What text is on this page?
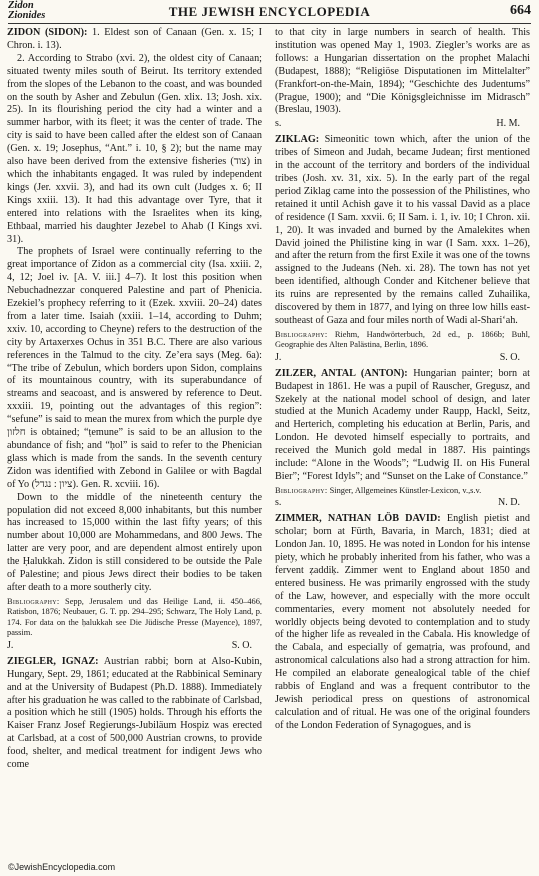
Zidon
Zionides	THE JEWISH ENCYCLOPEDIA	664

ZIDON (SIDON): 1. Eldest son of Canaan (Gen. x. 15; I Chron. i. 13).

2. According to Strabo (xvi. 2), the oldest city of Canaan; situated twenty miles south of Beirut. Its territory extended from the slopes of the Lebanon to the coast, and was bounded on the south by Asher and Zebulun (Gen. xlix. 13; Josh. xix. 25). In its flourishing period the city had a winter and a summer harbor, with its fleet; it was the center of trade. The city is said to have been called after the eldest son of Canaan (Gen. x. 19; Josephus, “Ant.” i. 10, § 2); but the name may also have been derived from the extensive fisheries (צוד) in which the inhabitants engaged. It was ruled by independent kings (Jer. xxvii. 3), and had its own cult (Judges x. 6; II Kings xxiii. 13). It had this advantage over Tyre, that it entered into relations with the Israelites when its king, Ethbaal, married his daughter Jezebel to Ahab (I Kings xvi. 31).

The prophets of Israel were continually referring to the great importance of Zidon as a commercial city (Isa. xxiii. 2, 4, 12; Joel iv. [A. V. iii.] 4–7). It lost this position when Nebuchadnezzar conquered Palestine and part of Phenicia. Ezekiel’s prophecy referring to it (Ezek. xxviii. 20–24) dates from a later time. Isaiah (xxiii. 1–14, according to Duhm; xxiv. 10, according to Cheyne) refers to the destruction of the city by Artaxerxes Ochus in 351 B.C. There are also various references in the Talmud to the city. Ze’era says (Meg. 6a): “The tribe of Zebulun, which borders upon Sidon, complains of its mountainous country, with its superabundance of streams and seacoast, and is answered by reference to Deut. xxxiii. 19, pointing out the advantages of this region”: “sefune” is said to mean the murex from which the purple dye חלזון is obtained; “ṭemune” is said to be an allusion to the abundance of fish; and “ḥol” is said to refer to the Phenician glass which is made from the sands. In the seventh century Zidon was identified with Zebond in Galilee or with Bagdal of Yo (ציון : נגדל). Gen. R. xcviii. 16).

Down to the middle of the nineteenth century the population did not exceed 8,000 inhabitants, but this number has increased to 15,000 within the last fifty years; of this number about 10,000 are Mohammedans, and 800 Jews. The latter are very poor, and are dependent almost entirely upon the Ḥalukkah. Zidon is still considered to be outside the Pale of Palestine; and pious Jews direct their bodies to be taken after death to a more southerly city.

Bibliography: Sepp, Jerusalem und das Heilige Land, ii. 450–466, Ratisbon, 1876; Neubauer, G. T. pp. 294–295; Schwarz, The Holy Land, p. 174. For data on the ḥalukkah see Die Jüdische Presse (Mayence), 1897, passim.

J.	S. O.

ZIEGLER, IGNAZ: Austrian rabbi; born at Also-Kubin, Hungary, Sept. 29, 1861; educated at the Rabbinical Seminary and at the University of Budapest (Ph.D. 1888). Immediately after his graduation he was called to the rabbinate of Carlsbad, a position which he still (1905) holds. Through his efforts the Kaiser Franz Josef Regierungs-Jubiläum Hospiz was erected at Carlsbad, at a cost of 500,000 Austrian crowns, to provide food, shelter, and medical treatment for indigent Jews who come

to that city in large numbers in search of health. This institution was opened May 1, 1903. Ziegler’s works are as follows: a Hungarian dissertation on the prophet Malachi (Budapest, 1888); “Religiöse Disputationen im Mittelalter” (Frankfort-on-the-Main, 1894); “Geschichte des Judentums” (Prague, 1900); and “Die Königsgleichnisse im Midrasch” (Breslau, 1903).

s.	H. M.

ZIKLAG: Simeonitic town which, after the union of the tribes of Simeon and Judah, became Judean; first mentioned in the account of the territory and borders of the individual tribes (Josh. xv. 31, xix. 5). In the early part of the regal period Ziklag came into the possession of the Philistines, who retained it until Achish gave it to his vassal David as a place of residence (I Sam. xxvii. 6; II Sam. i. 1, iv. 10; I Chron. xii. 1, 20). It was invaded and burned by the Amalekites when David joined the Philistine king in war (I Sam. xxx. 1–26), and after the return from the first Exile it was one of the towns assigned to the Judeans (Neh. xi. 28). The town has not yet been identified, although Conder and Kitchener believe that its ruins are represented by the remains called Zuhailika, discovered by them in 1877, and lying on three low hills east-southeast of Gaza and four miles north of Wadi al-Shari‘ah.

Bibliography: Riehm, Handwörterbuch, 2d ed., p. 1866b; Buhl, Geographie des Alten Palästina, Berlin, 1896.

J.	S. O.

ZILZER, ANTAL (ANTON): Hungarian painter; born at Budapest in 1861. He was a pupil of Rauscher, Gregusz, and Szekely at the national model school of design, and later studied at the Munich Academy under Raupp, Hackl, Seitz, and Herterich, completing his education at Berlin, Paris, and London. He devoted himself especially to portraits, and received the Munich gold medal in 1887. His paintings include: “Alone in the Woods”; “Ludwig II. on His Funeral Bier”; “Forest Idyls”; and “Sunset on the Lake of Constance.”

Bibliography: Singer, Allgemeines Künstler-Lexicon, v.,s.v.

s.	N. D.

ZIMMER, NATHAN LÖB DAVID: English pietist and scholar; born at Fürth, Bavaria, in March, 1831; died at London Jan. 10, 1895. He was noted in London for his intense piety, which he probably inherited from his father, who was a fervent ẓaddiḳ. Zimmer went to England about 1850 and entered business. He was primarily engrossed with the study of the Law, however, and especially with the more occult commentaries, every moment not absolutely needed for worldly objects being devoted to contemplation and to study of the higher life as revealed in the Cabala. His knowledge of the Cabala, and especially of gemaṭria, was profound, and astronomical calculations also had a strong attraction for him. He compiled an elaborate genealogical table of the chief rabbis of England and was a frequent contributor to the Jewish periodical press on questions of astronomical calculation and of ritual. He was one of the original founders of the London Federation of Synagogues, and is

©JewishEncyclopedia.com
